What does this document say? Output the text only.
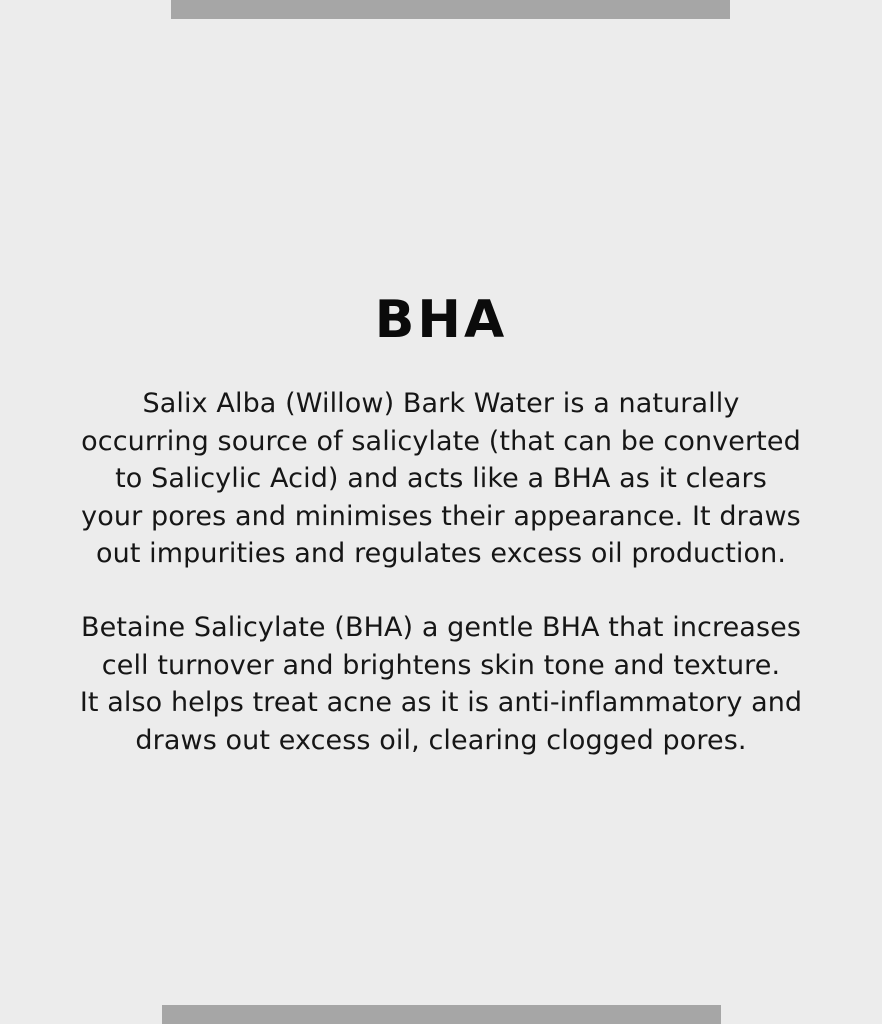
BHA
Salix Alba (Willow) Bark Water is a naturally
occurring source of salicylate (that can be converted
to Salicylic Acid) and acts like a BHA as it clears
your pores and minimises their appearance. It draws
out impurities and regulates excess oil production.
Betaine Salicylate (BHA) a gentle BHA that increases
cell turnover and brightens skin tone and texture.
It also helps treat acne as it is anti-inflammatory and
draws out excess oil, clearing clogged pores.
